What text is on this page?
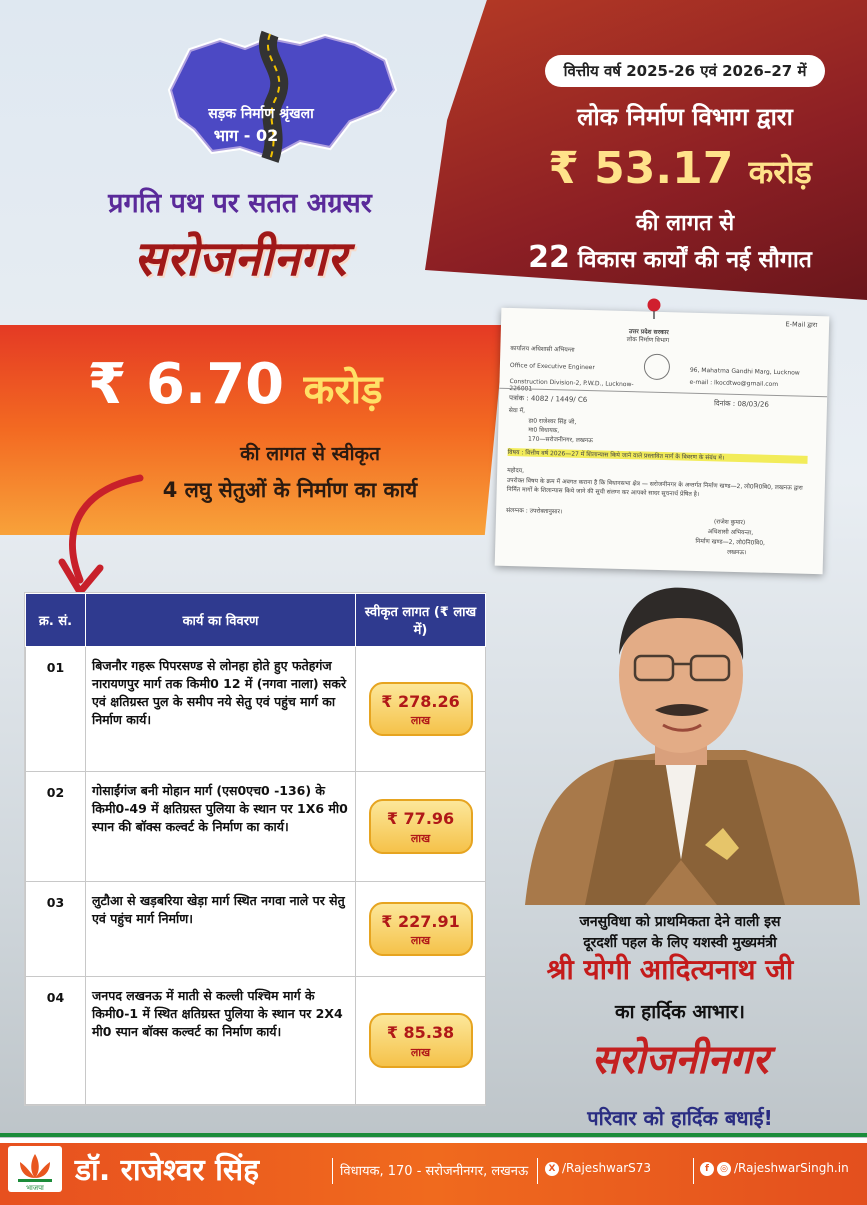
सड़क निर्माण श्रृंखला
भाग - 02
प्रगति पथ पर सतत अग्रसर
सरोजनीनगर
वित्तीय वर्ष 2025-26 एवं 2026–27 में
लोक निर्माण विभाग द्वारा
₹ 53.17 करोड़
की लागत से
22 विकास कार्यों की नई सौगात
₹ 6.70 करोड़
की लागत से स्वीकृत
4 लघु सेतुओं के निर्माण का कार्य
E-Mail द्वारा
उत्तर प्रदेश सरकार
लोक निर्माण विभाग
कार्यालय अधिशासी अभियन्ता
Office of Executive Engineer
Construction Division-2, P.W.D., Lucknow-226001
96, Mahatma Gandhi Marg, Lucknow
e-mail : lkocdtwo@gmail.com
पत्रांक : 4082 / 1449/ C6
दिनांक : 08/03/26
सेवा में,
डा0 राजेश्वर सिंह जी,
मा0 विधायक,
170—सरोजनीनगर, लखनऊ
विषय : वित्तीय वर्ष 2026—27 में शिलान्यास किये जाने वाले प्रस्तावित मार्ग के विवरण के संबंध में।
महोदय,
उपरोक्त विषय के क्रम में अवगत कराना है कि विधानसभा क्षेत्र — सरोजनीनगर के अन्तर्गत निर्माण खण्ड—2, लो0नि0वि0, लखनऊ द्वारा निर्मित मार्गों के शिलान्यास किये जाने की सूची संलग्न कर आपको सादर सूचनार्थ प्रेषित है।
संलग्नक : उपरोक्तानुसार।
(राजेश कुमार)
अधिशासी अभियन्ता,
निर्माण खण्ड—2, लो0नि0वि0,
लखनऊ।
क्र. सं.	कार्य का विवरण	स्वीकृत लागत (₹ लाख में)
01	बिजनौर गहरू पिपरसण्ड से लोनहा होते हुए फतेहगंज नारायणपुर मार्ग तक किमी0 12 में (नगवा नाला) सकरे एवं क्षतिग्रस्त पुल के समीप नये सेतु एवं पहुंच मार्ग का निर्माण कार्य।	₹ 278.26
लाख

02	गोसाईंगंज बनी मोहान मार्ग (एस0एच0 -136) के किमी0-49 में क्षतिग्रस्त पुलिया के स्थान पर 1X6 मी0 स्पान की बॉक्स कल्वर्ट के निर्माण का कार्य।	₹ 77.96
लाख

03	लुटौआ से खड़बरिया खेड़ा मार्ग स्थित नगवा नाले पर सेतु एवं पहुंच मार्ग निर्माण।	₹ 227.91
लाख

04	जनपद लखनऊ में माती से कल्ली पश्चिम मार्ग के किमी0-1 में स्थित क्षतिग्रस्त पुलिया के स्थान पर 2X4 मी0 स्पान बॉक्स कल्वर्ट का निर्माण कार्य।	₹ 85.38
लाख
जनसुविधा को प्राथमिकता देने वाली इस
दूरदर्शी पहल के लिए यशस्वी मुख्यमंत्री
श्री योगी आदित्यनाथ जी
का हार्दिक आभार।
सरोजनीनगर
परिवार को हार्दिक बधाई!
भाजपा डॉ. राजेश्वर सिंह	विधायक, 170 - सरोजनीनगर, लखनऊ	X /RajeshwarS73	f ◎ /RajeshwarSingh.in
